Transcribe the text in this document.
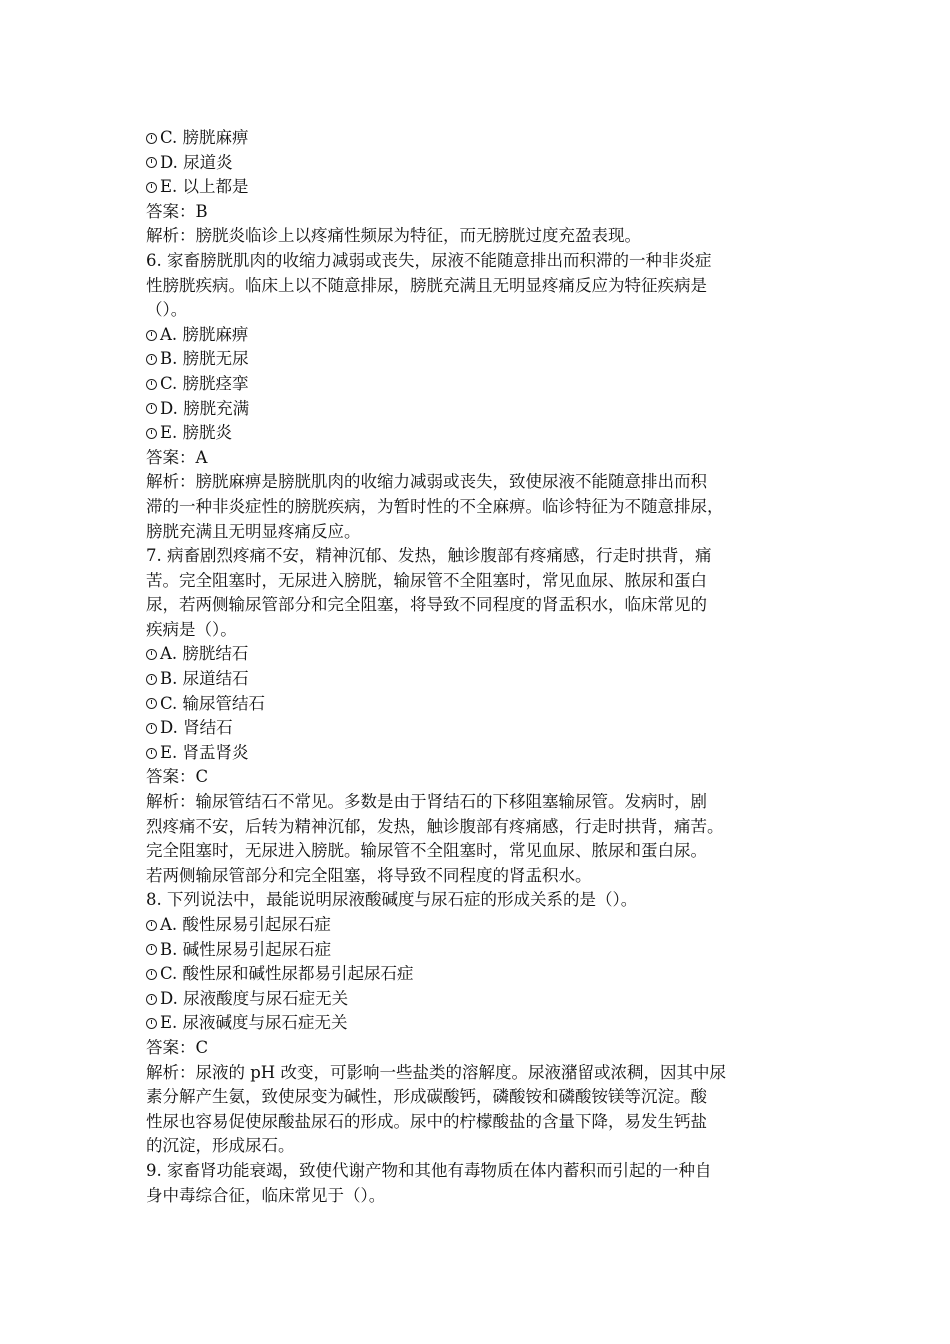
C. 膀胱麻痹
D. 尿道炎
E. 以上都是
答案：B
解析：膀胱炎临诊上以疼痛性频尿为特征，而无膀胱过度充盈表现。
6. 家畜膀胱肌肉的收缩力减弱或丧失，尿液不能随意排出而积滞的一种非炎症
性膀胱疾病。临床上以不随意排尿，膀胱充满且无明显疼痛反应为特征疾病是
（）。
A. 膀胱麻痹
B. 膀胱无尿
C. 膀胱痉挛
D. 膀胱充满
E. 膀胱炎
答案：A
解析：膀胱麻痹是膀胱肌肉的收缩力减弱或丧失，致使尿液不能随意排出而积
滞的一种非炎症性的膀胱疾病，为暂时性的不全麻痹。临诊特征为不随意排尿，
膀胱充满且无明显疼痛反应。
7. 病畜剧烈疼痛不安，精神沉郁、发热，触诊腹部有疼痛感，行走时拱背，痛
苦。完全阻塞时，无尿进入膀胱，输尿管不全阻塞时，常见血尿、脓尿和蛋白
尿，若两侧输尿管部分和完全阻塞，将导致不同程度的肾盂积水，临床常见的
疾病是（）。
A. 膀胱结石
B. 尿道结石
C. 输尿管结石
D. 肾结石
E. 肾盂肾炎
答案：C
解析：输尿管结石不常见。多数是由于肾结石的下移阻塞输尿管。发病时，剧
烈疼痛不安，后转为精神沉郁，发热，触诊腹部有疼痛感，行走时拱背，痛苦。
完全阻塞时，无尿进入膀胱。输尿管不全阻塞时，常见血尿、脓尿和蛋白尿。
若两侧输尿管部分和完全阻塞，将导致不同程度的肾盂积水。
8. 下列说法中，最能说明尿液酸碱度与尿石症的形成关系的是（）。
A. 酸性尿易引起尿石症
B. 碱性尿易引起尿石症
C. 酸性尿和碱性尿都易引起尿石症
D. 尿液酸度与尿石症无关
E. 尿液碱度与尿石症无关
答案：C
解析：尿液的 pH 改变，可影响一些盐类的溶解度。尿液潴留或浓稠，因其中尿
素分解产生氨，致使尿变为碱性，形成碳酸钙，磷酸铵和磷酸铵镁等沉淀。酸
性尿也容易促使尿酸盐尿石的形成。尿中的柠檬酸盐的含量下降，易发生钙盐
的沉淀，形成尿石。
9. 家畜肾功能衰竭，致使代谢产物和其他有毒物质在体内蓄积而引起的一种自
身中毒综合征，临床常见于（）。
